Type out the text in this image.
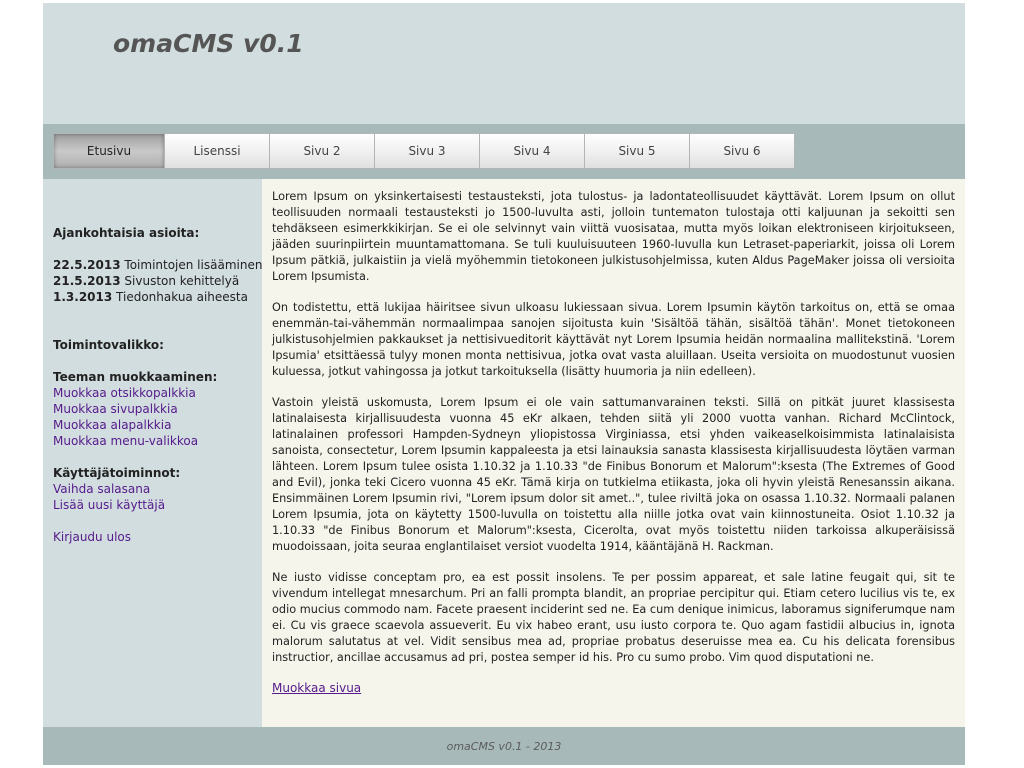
omaCMS v0.1
Etusivu	Lisenssi	Sivu 2	Sivu 3	Sivu 4	Sivu 5	Sivu 6

Ajankohtaisia asioita:

22.5.2013 Toimintojen lisääminen
21.5.2013 Sivuston kehittelyä
1.3.2013 Tiedonhakua aiheesta

Toimintovalikko:

Teeman muokkaaminen:

Muokkaa otsikkopalkkia
Muokkaa sivupalkkia
Muokkaa alapalkkia
Muokkaa menu-valikkoa

Käyttäjätoiminnot:

Vaihda salasana
Lisää uusi käyttäjä
Kirjaudu ulos

Lorem Ipsum on yksinkertaisesti testausteksti, jota tulostus- ja ladontateollisuudet käyttävät. Lorem Ipsum on ollut teollisuuden normaali testausteksti jo 1500-luvulta asti, jolloin tuntematon tulostaja otti kaljuunan ja sekoitti sen tehdäkseen esimerkkikirjan. Se ei ole selvinnyt vain viittä vuosisataa, mutta myös loikan elektroniseen kirjoitukseen, jääden suurinpiirtein muuntamattomana. Se tuli kuuluisuuteen 1960-luvulla kun Letraset-paperiarkit, joissa oli Lorem Ipsum pätkiä, julkaistiin ja vielä myöhemmin tietokoneen julkistusohjelmissa, kuten Aldus PageMaker joissa oli versioita Lorem Ipsumista.

On todistettu, että lukijaa häiritsee sivun ulkoasu lukiessaan sivua. Lorem Ipsumin käytön tarkoitus on, että se omaa enemmän-tai-vähemmän normaalimpaa sanojen sijoitusta kuin 'Sisältöä tähän, sisältöä tähän'. Monet tietokoneen julkistusohjelmien pakkaukset ja nettisivueditorit käyttävät nyt Lorem Ipsumia heidän normaalina mallitekstinä. 'Lorem Ipsumia' etsittäessä tulyy monen monta nettisivua, jotka ovat vasta aluillaan. Useita versioita on muodostunut vuosien kuluessa, jotkut vahingossa ja jotkut tarkoituksella (lisätty huumoria ja niin edelleen).

Vastoin yleistä uskomusta, Lorem Ipsum ei ole vain sattumanvarainen teksti. Sillä on pitkät juuret klassisesta latinalaisesta kirjallisuudesta vuonna 45 eKr alkaen, tehden siitä yli 2000 vuotta vanhan. Richard McClintock, latinalainen professori Hampden-Sydneyn yliopistossa Virginiassa, etsi yhden vaikeaselkoisimmista latinalaisista sanoista, consectetur, Lorem Ipsumin kappaleesta ja etsi lainauksia sanasta klassisesta kirjallisuudesta löytäen varman lähteen. Lorem Ipsum tulee osista 1.10.32 ja 1.10.33 "de Finibus Bonorum et Malorum":ksesta (The Extremes of Good and Evil), jonka teki Cicero vuonna 45 eKr. Tämä kirja on tutkielma etiikasta, joka oli hyvin yleistä Renesanssin aikana. Ensimmäinen Lorem Ipsumin rivi, "Lorem ipsum dolor sit amet..", tulee riviltä joka on osassa 1.10.32. Normaali palanen Lorem Ipsumia, jota on käytetty 1500-luvulla on toistettu alla niille jotka ovat vain kiinnostuneita. Osiot 1.10.32 ja 1.10.33 "de Finibus Bonorum et Malorum":ksesta, Cicerolta, ovat myös toistettu niiden tarkoissa alkuperäisissä muodoissaan, joita seuraa englantilaiset versiot vuodelta 1914, kääntäjänä H. Rackman.

Ne iusto vidisse conceptam pro, ea est possit insolens. Te per possim appareat, et sale latine feugait qui, sit te vivendum intellegat mnesarchum. Pri an falli prompta blandit, an propriae percipitur qui. Etiam cetero lucilius vis te, ex odio mucius commodo nam. Facete praesent inciderint sed ne. Ea cum denique inimicus, laboramus signiferumque nam ei. Cu vis graece scaevola assueverit. Eu vix habeo erant, usu iusto corpora te. Quo agam fastidii albucius in, ignota malorum salutatus at vel. Vidit sensibus mea ad, propriae probatus deseruisse mea ea. Cu his delicata forensibus instructior, ancillae accusamus ad pri, postea semper id his. Pro cu sumo probo. Vim quod disputationi ne.

Muokkaa sivua
omaCMS v0.1 - 2013
